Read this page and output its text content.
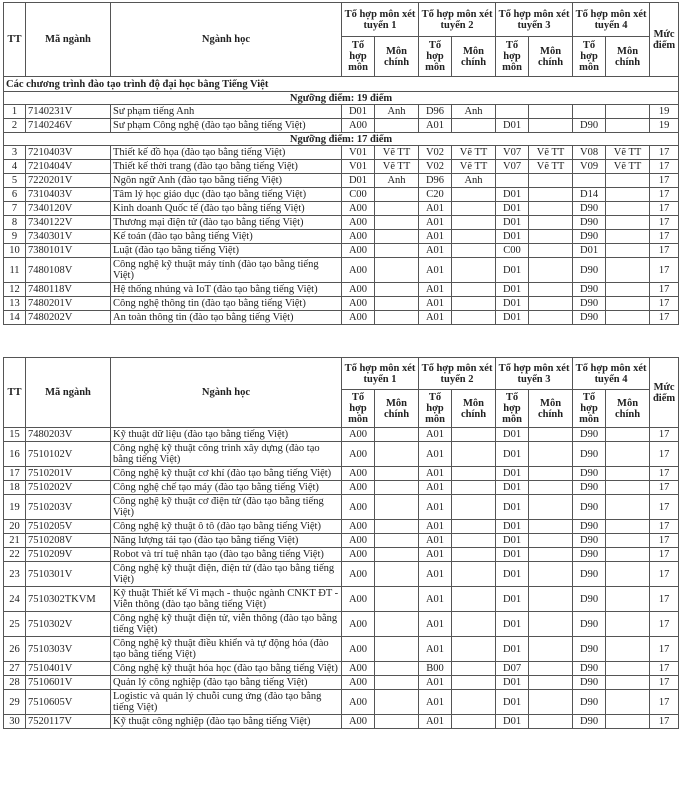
TT	Mã ngành	Ngành học	Tổ hợp môn xét tuyển 1		Tổ hợp môn xét tuyển 2		Tổ hợp môn xét tuyển 3		Tổ hợp môn xét tuyển 4		Mức điểm
			Tổ hợp môn	Môn chính	Tổ hợp môn	Môn chính	Tổ hợp môn	Môn chính	Tổ hợp môn	Môn chính	
Các chương trình đào tạo trình độ đại học bằng Tiếng Việt											
Ngưỡng điểm: 19 điểm											
1	7140231V	Sư phạm tiếng Anh	D01	Anh	D96	Anh					19
2	7140246V	Sư phạm Công nghệ (đào tạo bằng tiếng Việt)	A00		A01		D01		D90		19
Ngưỡng điểm: 17 điểm											
3	7210403V	Thiết kế đồ họa (đào tạo bằng tiếng Việt)	V01	Vẽ TT	V02	Vẽ TT	V07	Vẽ TT	V08	Vẽ TT	17
4	7210404V	Thiết kế thời trang (đào tạo bằng tiếng Việt)	V01	Vẽ TT	V02	Vẽ TT	V07	Vẽ TT	V09	Vẽ TT	17
5	7220201V	Ngôn ngữ Anh (đào tạo bằng tiếng Việt)	D01	Anh	D96	Anh					17
6	7310403V	Tâm lý học giáo dục (đào tạo bằng tiếng Việt)	C00		C20		D01		D14		17
7	7340120V	Kinh doanh Quốc tế (đào tạo bằng tiếng Việt)	A00		A01		D01		D90		17
8	7340122V	Thương mại điện tử (đào tạo bằng tiếng Việt)	A00		A01		D01		D90		17
9	7340301V	Kế toán (đào tạo bằng tiếng Việt)	A00		A01		D01		D90		17
10	7380101V	Luật (đào tạo bằng tiếng Việt)	A00		A01		C00		D01		17
11	7480108V	Công nghệ kỹ thuật máy tính (đào tạo bằng tiếng Việt)	A00		A01		D01		D90		17
12	7480118V	Hệ thống nhúng và IoT (đào tạo bằng tiếng Việt)	A00		A01		D01		D90		17
13	7480201V	Công nghệ thông tin (đào tạo bằng tiếng Việt)	A00		A01		D01		D90		17
14	7480202V	An toàn thông tin (đào tạo bằng tiếng Việt)	A00		A01		D01		D90		17
TT	Mã ngành	Ngành học	Tổ hợp môn xét tuyển 1		Tổ hợp môn xét tuyển 2		Tổ hợp môn xét tuyển 3		Tổ hợp môn xét tuyển 4		Mức điểm
			Tổ hợp môn	Môn chính	Tổ hợp môn	Môn chính	Tổ hợp môn	Môn chính	Tổ hợp môn	Môn chính	
15	7480203V	Kỹ thuật dữ liệu (đào tạo bằng tiếng Việt)	A00		A01		D01		D90		17
16	7510102V	Công nghệ kỹ thuật công trình xây dựng (đào tạo bằng tiếng Việt)	A00		A01		D01		D90		17
17	7510201V	Công nghệ kỹ thuật cơ khí (đào tạo bằng tiếng Việt)	A00		A01		D01		D90		17
18	7510202V	Công nghệ chế tạo máy (đào tạo bằng tiếng Việt)	A00		A01		D01		D90		17
19	7510203V	Công nghệ kỹ thuật cơ điện tử (đào tạo bằng tiếng Việt)	A00		A01		D01		D90		17
20	7510205V	Công nghệ kỹ thuật ô tô (đào tạo bằng tiếng Việt)	A00		A01		D01		D90		17
21	7510208V	Năng lượng tái tạo (đào tạo bằng tiếng Việt)	A00		A01		D01		D90		17
22	7510209V	Robot và trí tuệ nhân tạo (đào tạo bằng tiếng Việt)	A00		A01		D01		D90		17
23	7510301V	Công nghệ kỹ thuật điện, điện tử (đào tạo bằng tiếng Việt)	A00		A01		D01		D90		17
24	7510302TKVM	Kỹ thuật Thiết kế Vi mạch - thuộc ngành CNKT ĐT - Viễn thông (đào tạo bằng tiếng Việt)	A00		A01		D01		D90		17
25	7510302V	Công nghệ kỹ thuật điện tử, viễn thông (đào tạo bằng tiếng Việt)	A00		A01		D01		D90		17
26	7510303V	Công nghệ kỹ thuật điều khiển và tự động hóa (đào tạo bằng tiếng Việt)	A00		A01		D01		D90		17
27	7510401V	Công nghệ kỹ thuật hóa học (đào tạo bằng tiếng Việt)	A00		B00		D07		D90		17
28	7510601V	Quản lý công nghiệp (đào tạo bằng tiếng Việt)	A00		A01		D01		D90		17
29	7510605V	Logistic và quản lý chuỗi cung ứng (đào tạo bằng tiếng Việt)	A00		A01		D01		D90		17
30	7520117V	Kỹ thuật công nghiệp (đào tạo bằng tiếng Việt)	A00		A01		D01		D90		17
